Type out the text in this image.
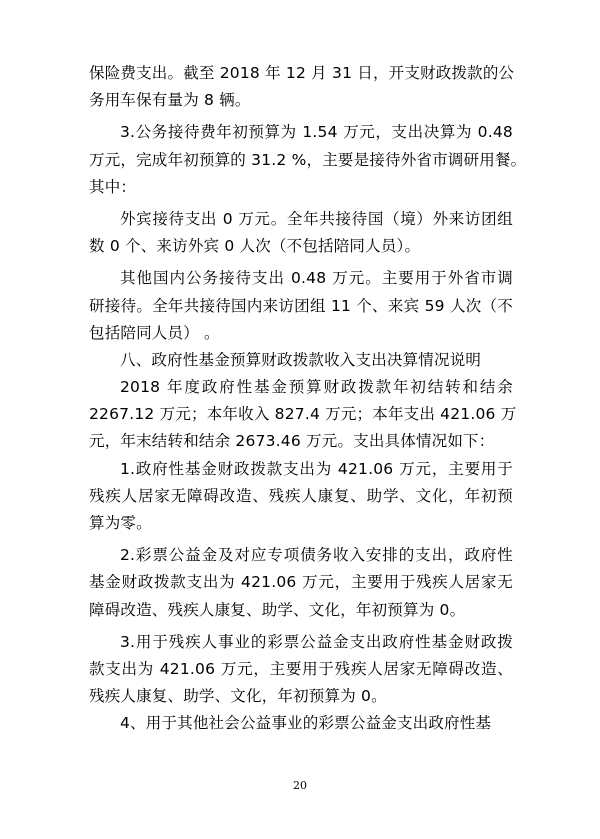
保险费支出。截至 2018 年 12 月 31 日，开支财政拨款的公
务用车保有量为 8 辆。
3.公务接待费年初预算为 1.54 万元，支出决算为 0.48
万元，完成年初预算的 31.2 %，主要是接待外省市调研用餐。
其中：
外宾接待支出 0 万元。全年共接待国（境）外来访团组
数 0 个、来访外宾 0 人次（不包括陪同人员）。
其他国内公务接待支出 0.48 万元。主要用于外省市调
研接待。全年共接待国内来访团组 11 个、来宾 59 人次（不
包括陪同人员） 。
八、政府性基金预算财政拨款收入支出决算情况说明
2018 年度政府性基金预算财政拨款年初结转和结余
2267.12 万元；本年收入 827.4 万元；本年支出 421.06 万
元，年末结转和结余 2673.46 万元。支出具体情况如下：
1.政府性基金财政拨款支出为 421.06 万元，主要用于
残疾人居家无障碍改造、残疾人康复、助学、文化，年初预
算为零。
2.彩票公益金及对应专项债务收入安排的支出，政府性
基金财政拨款支出为 421.06 万元，主要用于残疾人居家无
障碍改造、残疾人康复、助学、文化，年初预算为 0。
3.用于残疾人事业的彩票公益金支出政府性基金财政拨
款支出为 421.06 万元，主要用于残疾人居家无障碍改造、
残疾人康复、助学、文化，年初预算为 0。
4、用于其他社会公益事业的彩票公益金支出政府性基
20
